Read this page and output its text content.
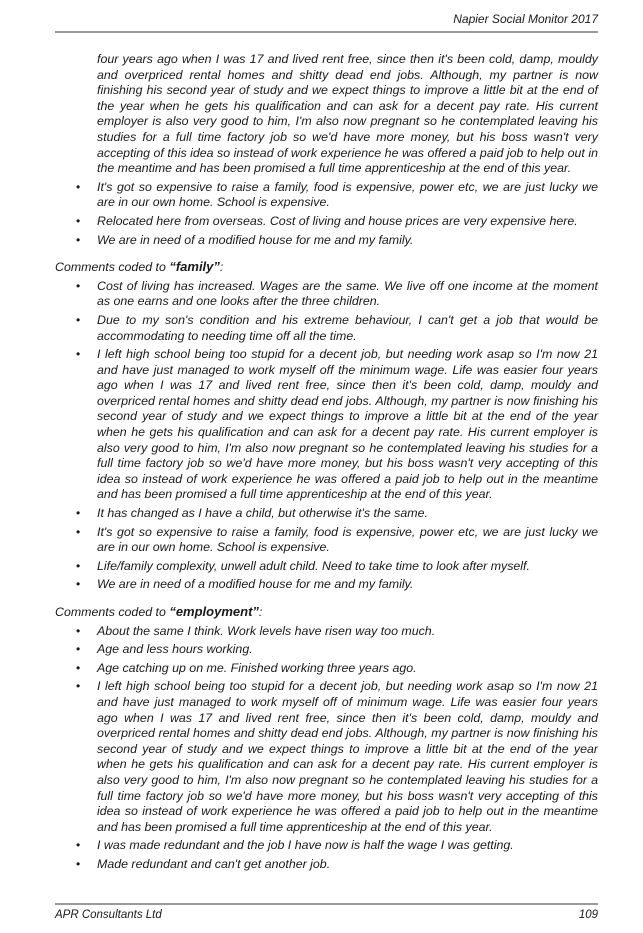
Napier Social Monitor 2017
four years ago when I was 17 and lived rent free, since then it's been cold, damp, mouldy and overpriced rental homes and shitty dead end jobs. Although, my partner is now finishing his second year of study and we expect things to improve a little bit at the end of the year when he gets his qualification and can ask for a decent pay rate. His current employer is also very good to him, I'm also now pregnant so he contemplated leaving his studies for a full time factory job so we'd have more money, but his boss wasn't very accepting of this idea so instead of work experience he was offered a paid job to help out in the meantime and has been promised a full time apprenticeship at the end of this year.
• It's got so expensive to raise a family, food is expensive, power etc, we are just lucky we are in our own home. School is expensive.
• Relocated here from overseas. Cost of living and house prices are very expensive here.
• We are in need of a modified house for me and my family.
Comments coded to “family”:
• Cost of living has increased. Wages are the same. We live off one income at the moment as one earns and one looks after the three children.
• Due to my son's condition and his extreme behaviour, I can't get a job that would be accommodating to needing time off all the time.
• I left high school being too stupid for a decent job, but needing work asap so I'm now 21 and have just managed to work myself off the minimum wage. Life was easier four years ago when I was 17 and lived rent free, since then it's been cold, damp, mouldy and overpriced rental homes and shitty dead end jobs. Although, my partner is now finishing his second year of study and we expect things to improve a little bit at the end of the year when he gets his qualification and can ask for a decent pay rate. His current employer is also very good to him, I'm also now pregnant so he contemplated leaving his studies for a full time factory job so we'd have more money, but his boss wasn't very accepting of this idea so instead of work experience he was offered a paid job to help out in the meantime and has been promised a full time apprenticeship at the end of this year.
• It has changed as I have a child, but otherwise it's the same.
• It's got so expensive to raise a family, food is expensive, power etc, we are just lucky we are in our own home. School is expensive.
• Life/family complexity, unwell adult child. Need to take time to look after myself.
• We are in need of a modified house for me and my family.
Comments coded to “employment”:
• About the same I think. Work levels have risen way too much.
• Age and less hours working.
• Age catching up on me. Finished working three years ago.
• I left high school being too stupid for a decent job, but needing work asap so I'm now 21 and have just managed to work myself off of minimum wage. Life was easier four years ago when I was 17 and lived rent free, since then it's been cold, damp, mouldy and overpriced rental homes and shitty dead end jobs. Although, my partner is now finishing his second year of study and we expect things to improve a little bit at the end of the year when he gets his qualification and can ask for a decent pay rate. His current employer is also very good to him, I'm also now pregnant so he contemplated leaving his studies for a full time factory job so we'd have more money, but his boss wasn't very accepting of this idea so instead of work experience he was offered a paid job to help out in the meantime and has been promised a full time apprenticeship at the end of this year.
• I was made redundant and the job I have now is half the wage I was getting.
• Made redundant and can't get another job.
APR Consultants Ltd	109
